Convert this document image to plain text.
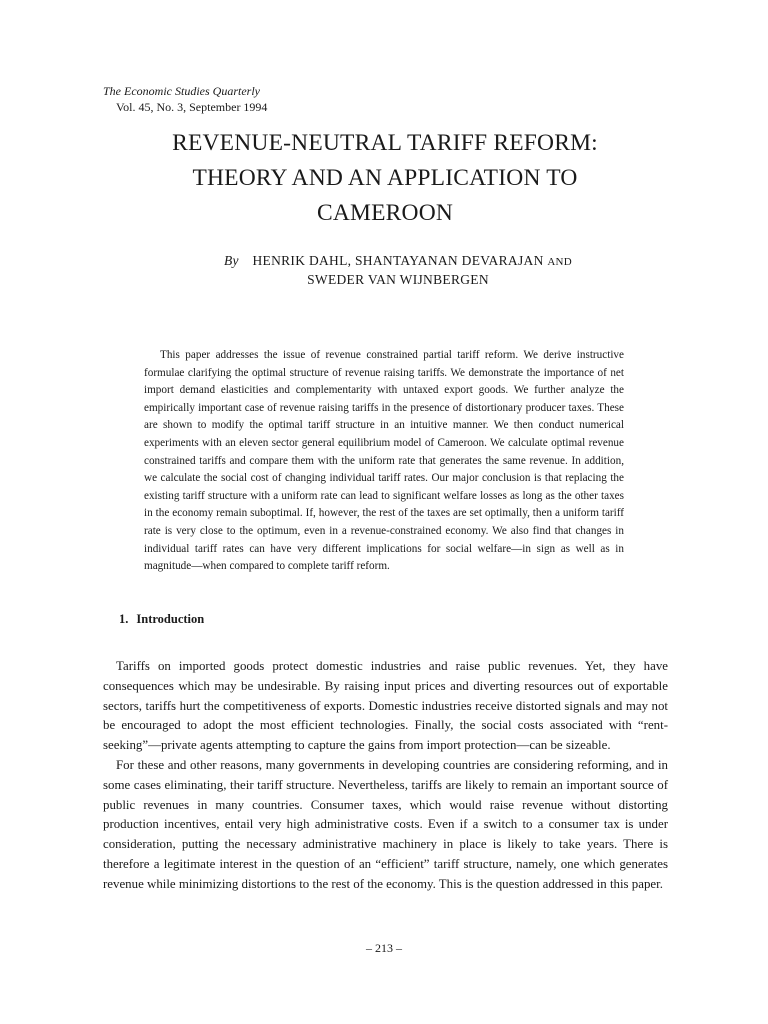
The Economic Studies Quarterly
Vol. 45, No. 3, September 1994
REVENUE-NEUTRAL TARIFF REFORM:
THEORY AND AN APPLICATION TO
CAMEROON
By HENRIK DAHL, SHANTAYANAN DEVARAJAN AND
SWEDER VAN WIJNBERGEN

This paper addresses the issue of revenue constrained partial tariff reform. We derive instructive formulae clarifying the optimal structure of revenue raising tariffs. We demonstrate the importance of net import demand elasticities and complementarity with untaxed export goods. We further analyze the empirically important case of revenue raising tariffs in the presence of distortionary producer taxes. These are shown to modify the optimal tariff structure in an intuitive manner. We then conduct numerical experiments with an eleven sector general equilibrium model of Cameroon. We calculate optimal revenue constrained tariffs and compare them with the uniform rate that generates the same revenue. In addition, we calculate the social cost of changing individual tariff rates. Our major conclusion is that replacing the existing tariff structure with a uniform rate can lead to significant welfare losses as long as the other taxes in the economy remain suboptimal. If, however, the rest of the taxes are set optimally, then a uniform tariff rate is very close to the optimum, even in a revenue-constrained economy. We also find that changes in individual tariff rates can have very different implications for social welfare—in sign as well as in magnitude—when compared to complete tariff reform.

1. Introduction

Tariffs on imported goods protect domestic industries and raise public revenues. Yet, they have consequences which may be undesirable. By raising input prices and diverting resources out of exportable sectors, tariffs hurt the competitiveness of exports. Domestic industries receive distorted signals and may not be encouraged to adopt the most efficient technologies. Finally, the social costs associated with “rent-seeking”—private agents attempting to capture the gains from import protection—can be sizeable.

For these and other reasons, many governments in developing countries are considering reforming, and in some cases eliminating, their tariff structure. Nevertheless, tariffs are likely to remain an important source of public revenues in many countries. Consumer taxes, which would raise revenue without distorting production incentives, entail very high administrative costs. Even if a switch to a consumer tax is under consideration, putting the necessary administrative machinery in place is likely to take years. There is therefore a legitimate interest in the question of an “efficient” tariff structure, namely, one which generates revenue while minimizing distortions to the rest of the economy. This is the question addressed in this paper.

– 213 –
